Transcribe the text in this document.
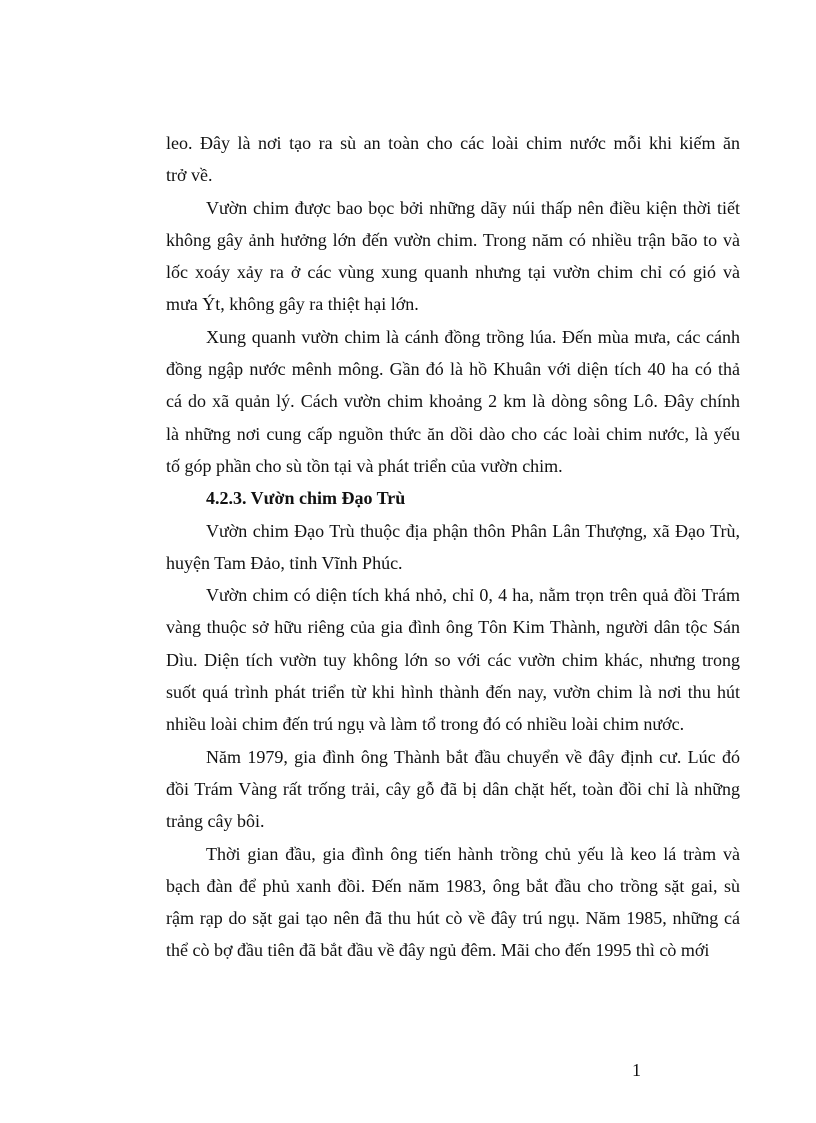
leo. Đây là nơi tạo ra sù an toàn cho các loài chim nước mỗi khi kiếm ăn
trở về.
Vườn chim được bao bọc bởi những dãy núi thấp nên điều kiện thời tiết
không gây ảnh hưởng lớn đến vườn chim. Trong năm có nhiều trận bão to và
lốc xoáy xảy ra ở các vùng xung quanh nhưng tại vườn chim chỉ có gió và
mưa Ýt, không gây ra thiệt hại lớn.
Xung quanh vườn chim là cánh đồng trồng lúa. Đến mùa mưa, các cánh
đồng ngập nước mênh mông. Gần đó là hồ Khuân với diện tích 40 ha có thả
cá do xã quản lý. Cách vườn chim khoảng 2 km là dòng sông Lô. Đây chính
là những nơi cung cấp nguồn thức ăn dồi dào cho các loài chim nước, là yếu
tố góp phần cho sù tồn tại và phát triển của vườn chim.
4.2.3. Vườn chim Đạo Trù
Vườn chim Đạo Trù thuộc địa phận thôn Phân Lân Thượng, xã Đạo Trù,
huyện Tam Đảo, tỉnh Vĩnh Phúc.
Vườn chim có diện tích khá nhỏ, chỉ 0, 4 ha, nằm trọn trên quả đồi Trám
vàng thuộc sở hữu riêng của gia đình ông Tôn Kim Thành, người dân tộc Sán
Dìu. Diện tích vườn tuy không lớn so với các vườn chim khác, nhưng trong
suốt quá trình phát triển từ khi hình thành đến nay, vườn chim là nơi thu hút
nhiều loài chim đến trú ngụ và làm tổ trong đó có nhiều loài chim nước.
Năm 1979, gia đình ông Thành bắt đầu chuyển về đây định cư. Lúc đó
đồi Trám Vàng rất trống trải, cây gỗ đã bị dân chặt hết, toàn đồi chỉ là những
trảng cây bôi.
Thời gian đầu, gia đình ông tiến hành trồng chủ yếu là keo lá tràm và
bạch đàn để phủ xanh đồi. Đến năm 1983, ông bắt đầu cho trồng sặt gai, sù
rậm rạp do sặt gai tạo nên đã thu hút cò về đây trú ngụ. Năm 1985, những cá
thể cò bợ đầu tiên đã bắt đầu về đây ngủ đêm. Mãi cho đến 1995 thì cò mới
1
